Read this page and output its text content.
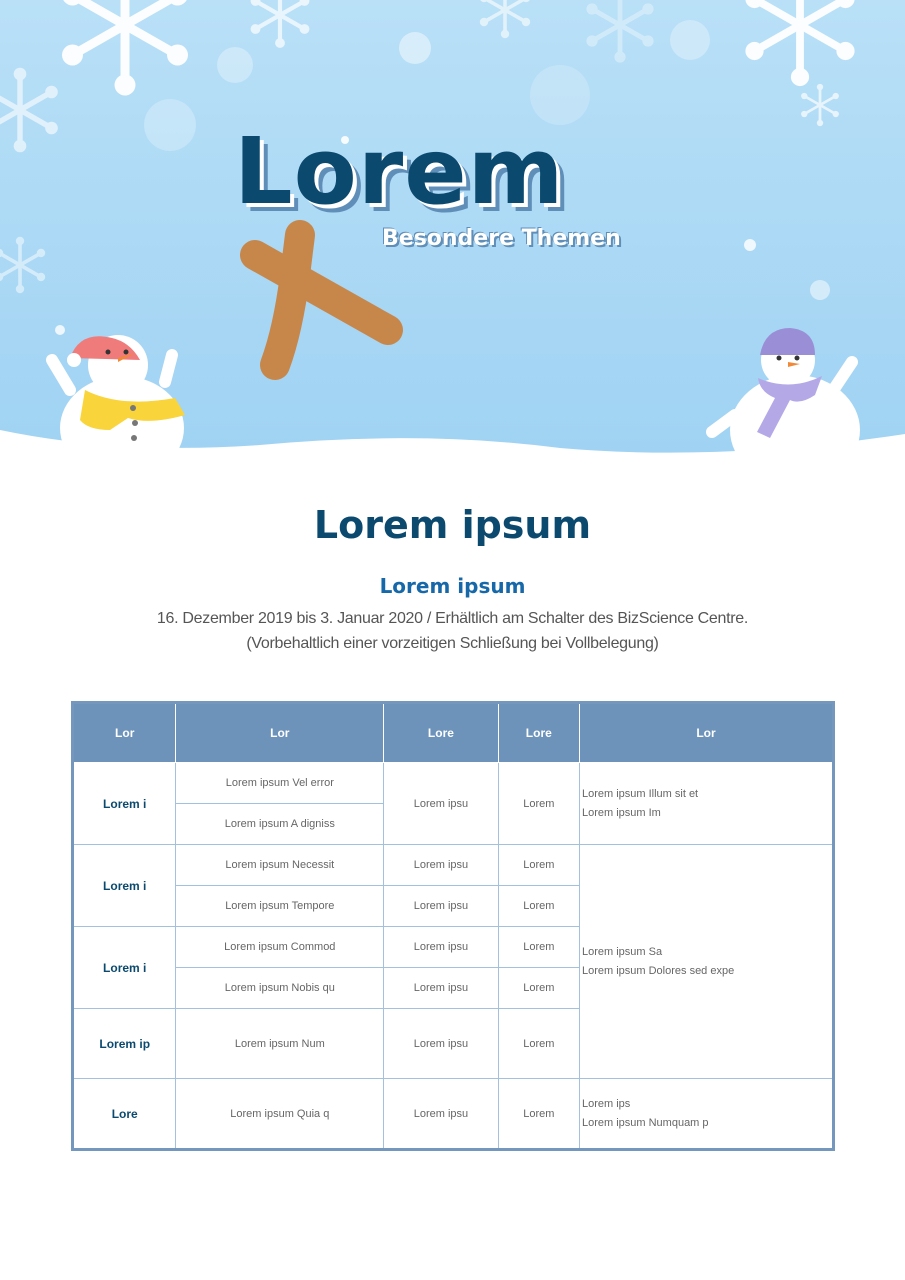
Lorem
Besondere Themen
Lorem ipsum
Lorem ipsum
16. Dezember 2019 bis 3. Januar 2020 / Erhältlich am Schalter des BizScience Centre.
(Vorbehaltlich einer vorzeitigen Schließung bei Vollbelegung)
Lor	Lor	Lore	Lore	Lor
Lorem i	Lorem ipsum Vel error	Lorem ipsu	Lorem	Lorem ipsum Illum sit et
Lorem ipsum Im

	Lorem ipsum A digniss			
Lorem i	Lorem ipsum Necessit	Lorem ipsu	Lorem	Lorem ipsum Sa
Lorem ipsum Dolores sed expe

	Lorem ipsum Tempore	Lorem ipsu	Lorem	
Lorem i	Lorem ipsum Commod	Lorem ipsu	Lorem	
	Lorem ipsum Nobis qu	Lorem ipsu	Lorem	
Lorem ip	Lorem ipsum Num	Lorem ipsu	Lorem	
Lore	Lorem ipsum Quia q	Lorem ipsu	Lorem	Lorem ips
Lorem ipsum Numquam p
